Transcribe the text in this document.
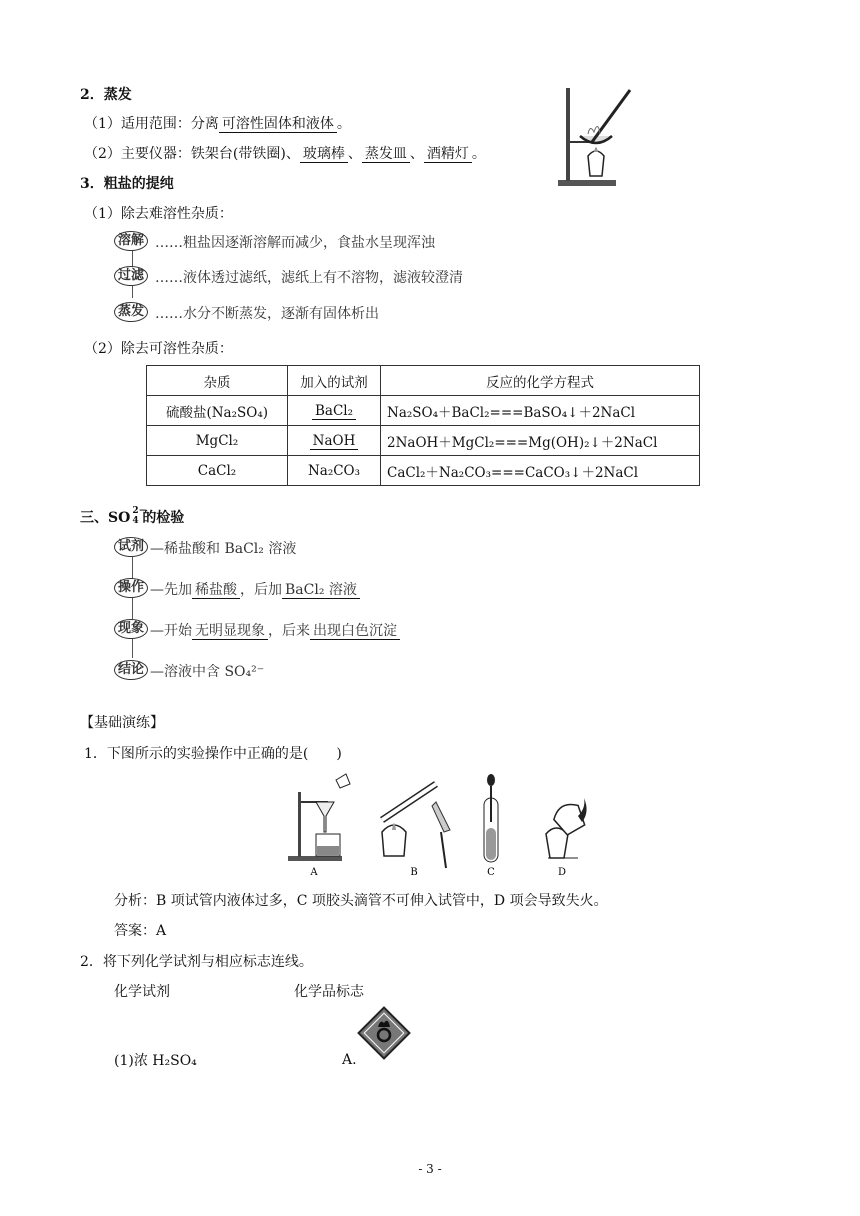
2．蒸发
（1）适用范围：分离 可溶性固体和液体 。
（2）主要仪器：铁架台(带铁圈)、 玻璃棒 、 蒸发皿 、 酒精灯 。
3．粗盐的提纯
（1）除去难溶性杂质：
溶解 ……粗盐因逐渐溶解而减少，食盐水呈现浑浊
过滤 ……液体透过滤纸，滤纸上有不溶物，滤液较澄清
蒸发 ……水分不断蒸发，逐渐有固体析出
（2）除去可溶性杂质：
杂质	加入的试剂	反应的化学方程式
硫酸盐(Na₂SO₄)	BaCl₂	Na₂SO₄＋BaCl₂===BaSO₄↓＋2NaCl
MgCl₂	NaOH	2NaOH＋MgCl₂===Mg(OH)₂↓＋2NaCl
CaCl₂	Na₂CO₃	CaCl₂＋Na₂CO₃===CaCO₃↓＋2NaCl
三、SO 2−
4 的检验
试剂 —稀盐酸和 BaCl₂ 溶液
操作 —先加 稀盐酸 ，后加 BaCl₂ 溶液
现象 —开始 无明显现象 ，后来 出现白色沉淀
结论 —溶液中含 SO₄²⁻
【基础演练】
1．下图所示的实验操作中正确的是(　　)
A	B	C	D
分析：B 项试管内液体过多，C 项胶头滴管不可伸入试管中，D 项会导致失火。
答案：A
2．将下列化学试剂与相应标志连线。
化学试剂	化学品标志
(1)浓 H₂SO₄	A.
- 3 -
